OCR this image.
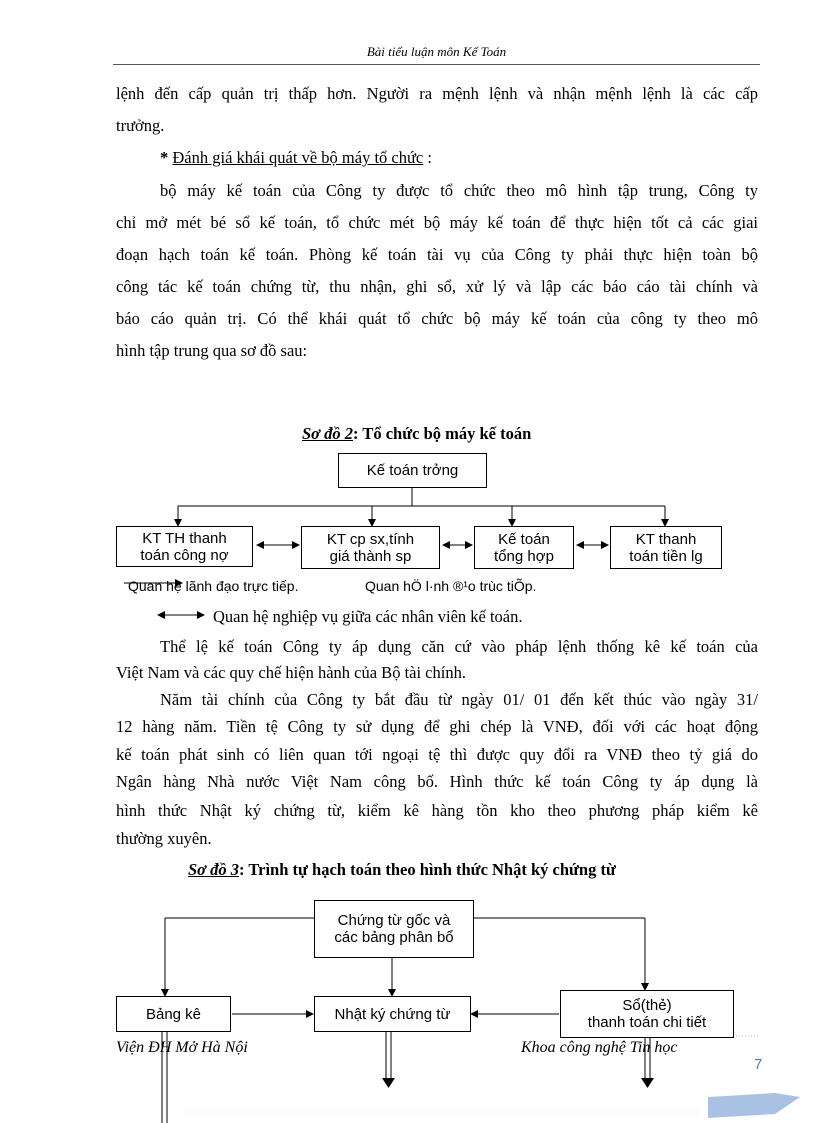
Bài tiểu luận môn Kế Toán
lệnh đến cấp quản trị thấp hơn. Người ra mệnh lệnh và nhận mệnh lệnh là các cấp
trưởng.
* Đánh giá khái quát về bộ máy tổ chức :
bộ máy kế toán của Công ty được tổ chức theo mô hình tập trung, Công ty
chỉ mở mét bé sổ kế toán, tổ chức mét bộ máy kế toán để thực hiện tốt cả các giai
đoạn hạch toán kế toán. Phòng kế toán tài vụ của Công ty phải thực hiện toàn bộ
công tác kế toán chứng từ, thu nhận, ghi sổ, xử lý và lập các báo cáo tài chính và
báo cáo quản trị. Có thể khái quát tổ chức bộ máy kế toán của công ty theo mô
hình tập trung qua sơ đồ sau:
Sơ đồ 2: Tổ chức bộ máy kế toán
Kế toán trởng
KT TH thanh
toán công nợ
KT cp sx,tính
giá thành sp
Kế toán
tổng hợp
KT thanh
toán tiền lg
Quan hệ lãnh đạo trực tiếp.	Quan hÖ l·nh ®¹o trùc tiÕp.
Quan hệ nghiệp vụ giữa các nhân viên kế toán.
Thể lệ kế toán Công ty áp dụng căn cứ vào pháp lệnh thống kê kế toán của
Việt Nam và các quy chế hiện hành của Bộ tài chính.
Năm tài chính của Công ty bắt đầu từ ngày 01/ 01 đến kết thúc vào ngày 31/
12 hàng năm. Tiền tệ Công ty sử dụng để ghi chép là VNĐ, đối với các hoạt động
kế toán phát sinh có liên quan tới ngoại tệ thì được quy đổi ra VNĐ theo tỷ giá do
Ngân hàng Nhà nước Việt Nam công bố. Hình thức kế toán Công ty áp dụng là
hình thức Nhật ký chứng từ, kiểm kê hàng tồn kho theo phương pháp kiểm kê
thường xuyên.
Sơ đồ 3: Trình tự hạch toán theo hình thức Nhật ký chứng từ
Chứng từ gốc và
các bảng phân bổ
Bảng kê	Nhật ký chứng từ	Sổ(thẻ)
thanh toán chi tiết
Viện ĐH Mở Hà Nội	Khoa công nghệ Tin học
7
